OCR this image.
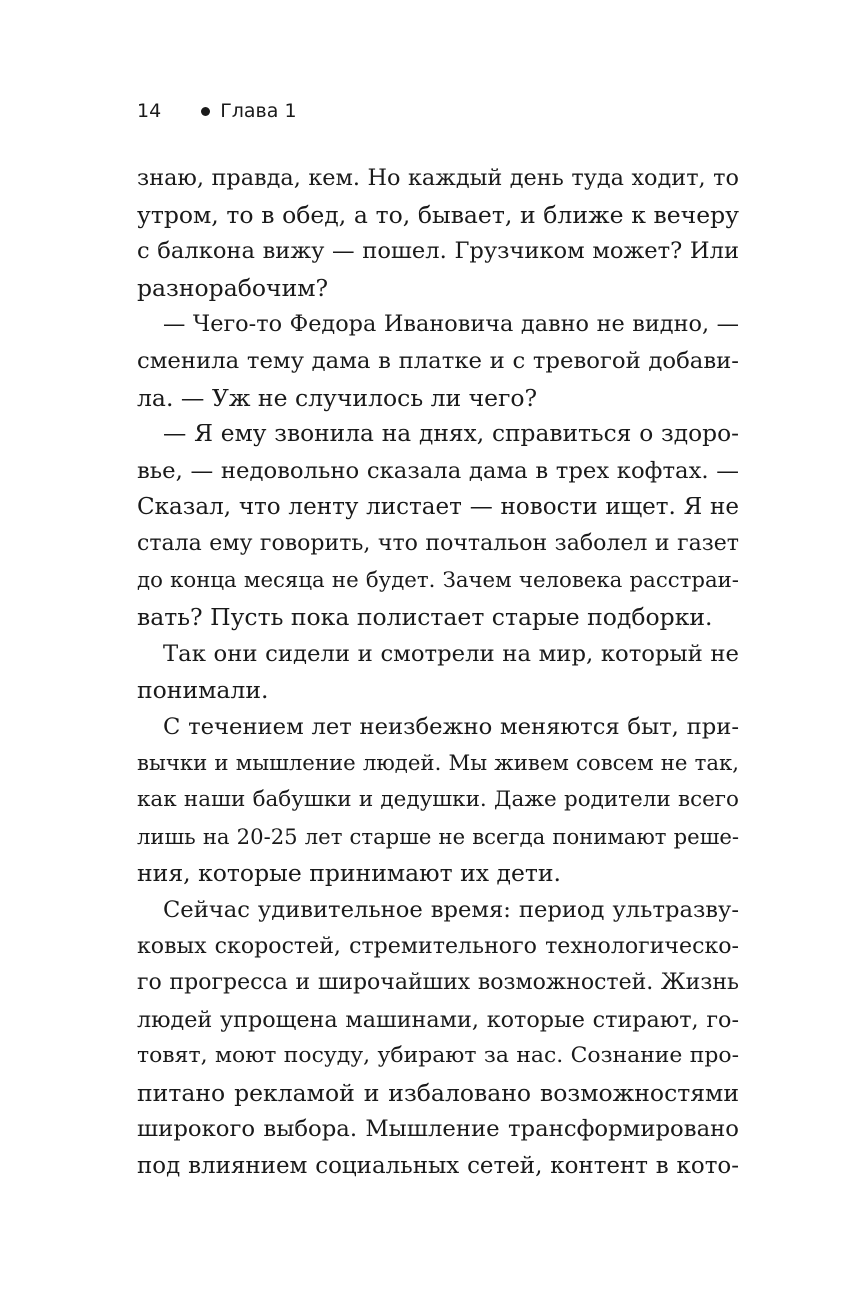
14	Глава 1
знаю, правда, кем. Но каждый день туда ходит, то
утром, то в обед, а то, бывает, и ближе к вечеру
с балкона вижу — пошел. Грузчиком может? Или
разнорабочим?
— Чего-то Федора Ивановича давно не видно, —
сменила тему дама в платке и с тревогой добави-
ла. — Уж не случилось ли чего?
— Я ему звонила на днях, справиться о здоро-
вье, — недовольно сказала дама в трех кофтах. —
Сказал, что ленту листает — новости ищет. Я не
стала ему говорить, что почтальон заболел и газет
до конца месяца не будет. Зачем человека расстраи-
вать? Пусть пока полистает старые подборки.
Так они сидели и смотрели на мир, который не
понимали.
С течением лет неизбежно меняются быт, при-
вычки и мышление людей. Мы живем совсем не так,
как наши бабушки и дедушки. Даже родители всего
лишь на 20-25 лет старше не всегда понимают реше-
ния, которые принимают их дети.
Сейчас удивительное время: период ультразву-
ковых скоростей, стремительного технологическо-
го прогресса и широчайших возможностей. Жизнь
людей упрощена машинами, которые стирают, го-
товят, моют посуду, убирают за нас. Сознание про-
питано рекламой и избаловано возможностями
широкого выбора. Мышление трансформировано
под влиянием социальных сетей, контент в кото-
